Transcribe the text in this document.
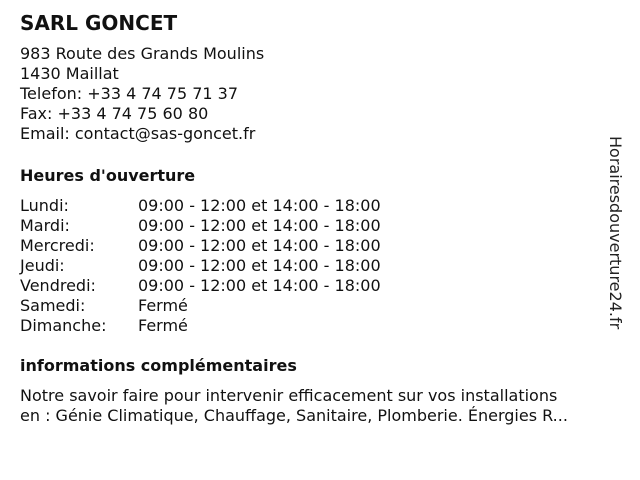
SARL GONCET
983 Route des Grands Moulins
1430 Maillat
Telefon: +33 4 74 75 71 37
Fax: +33 4 74 75 60 80
Email: contact@sas-goncet.fr
Heures d'ouverture
Lundi:	09:00 - 12:00 et 14:00 - 18:00
Mardi:	09:00 - 12:00 et 14:00 - 18:00
Mercredi:	09:00 - 12:00 et 14:00 - 18:00
Jeudi:	09:00 - 12:00 et 14:00 - 18:00
Vendredi:	09:00 - 12:00 et 14:00 - 18:00
Samedi:	Fermé
Dimanche:	Fermé
informations complémentaires
Notre savoir faire pour intervenir efficacement sur vos installations
en : Génie Climatique, Chauffage, Sanitaire, Plomberie. Énergies R...
Horairesdouverture24.fr
